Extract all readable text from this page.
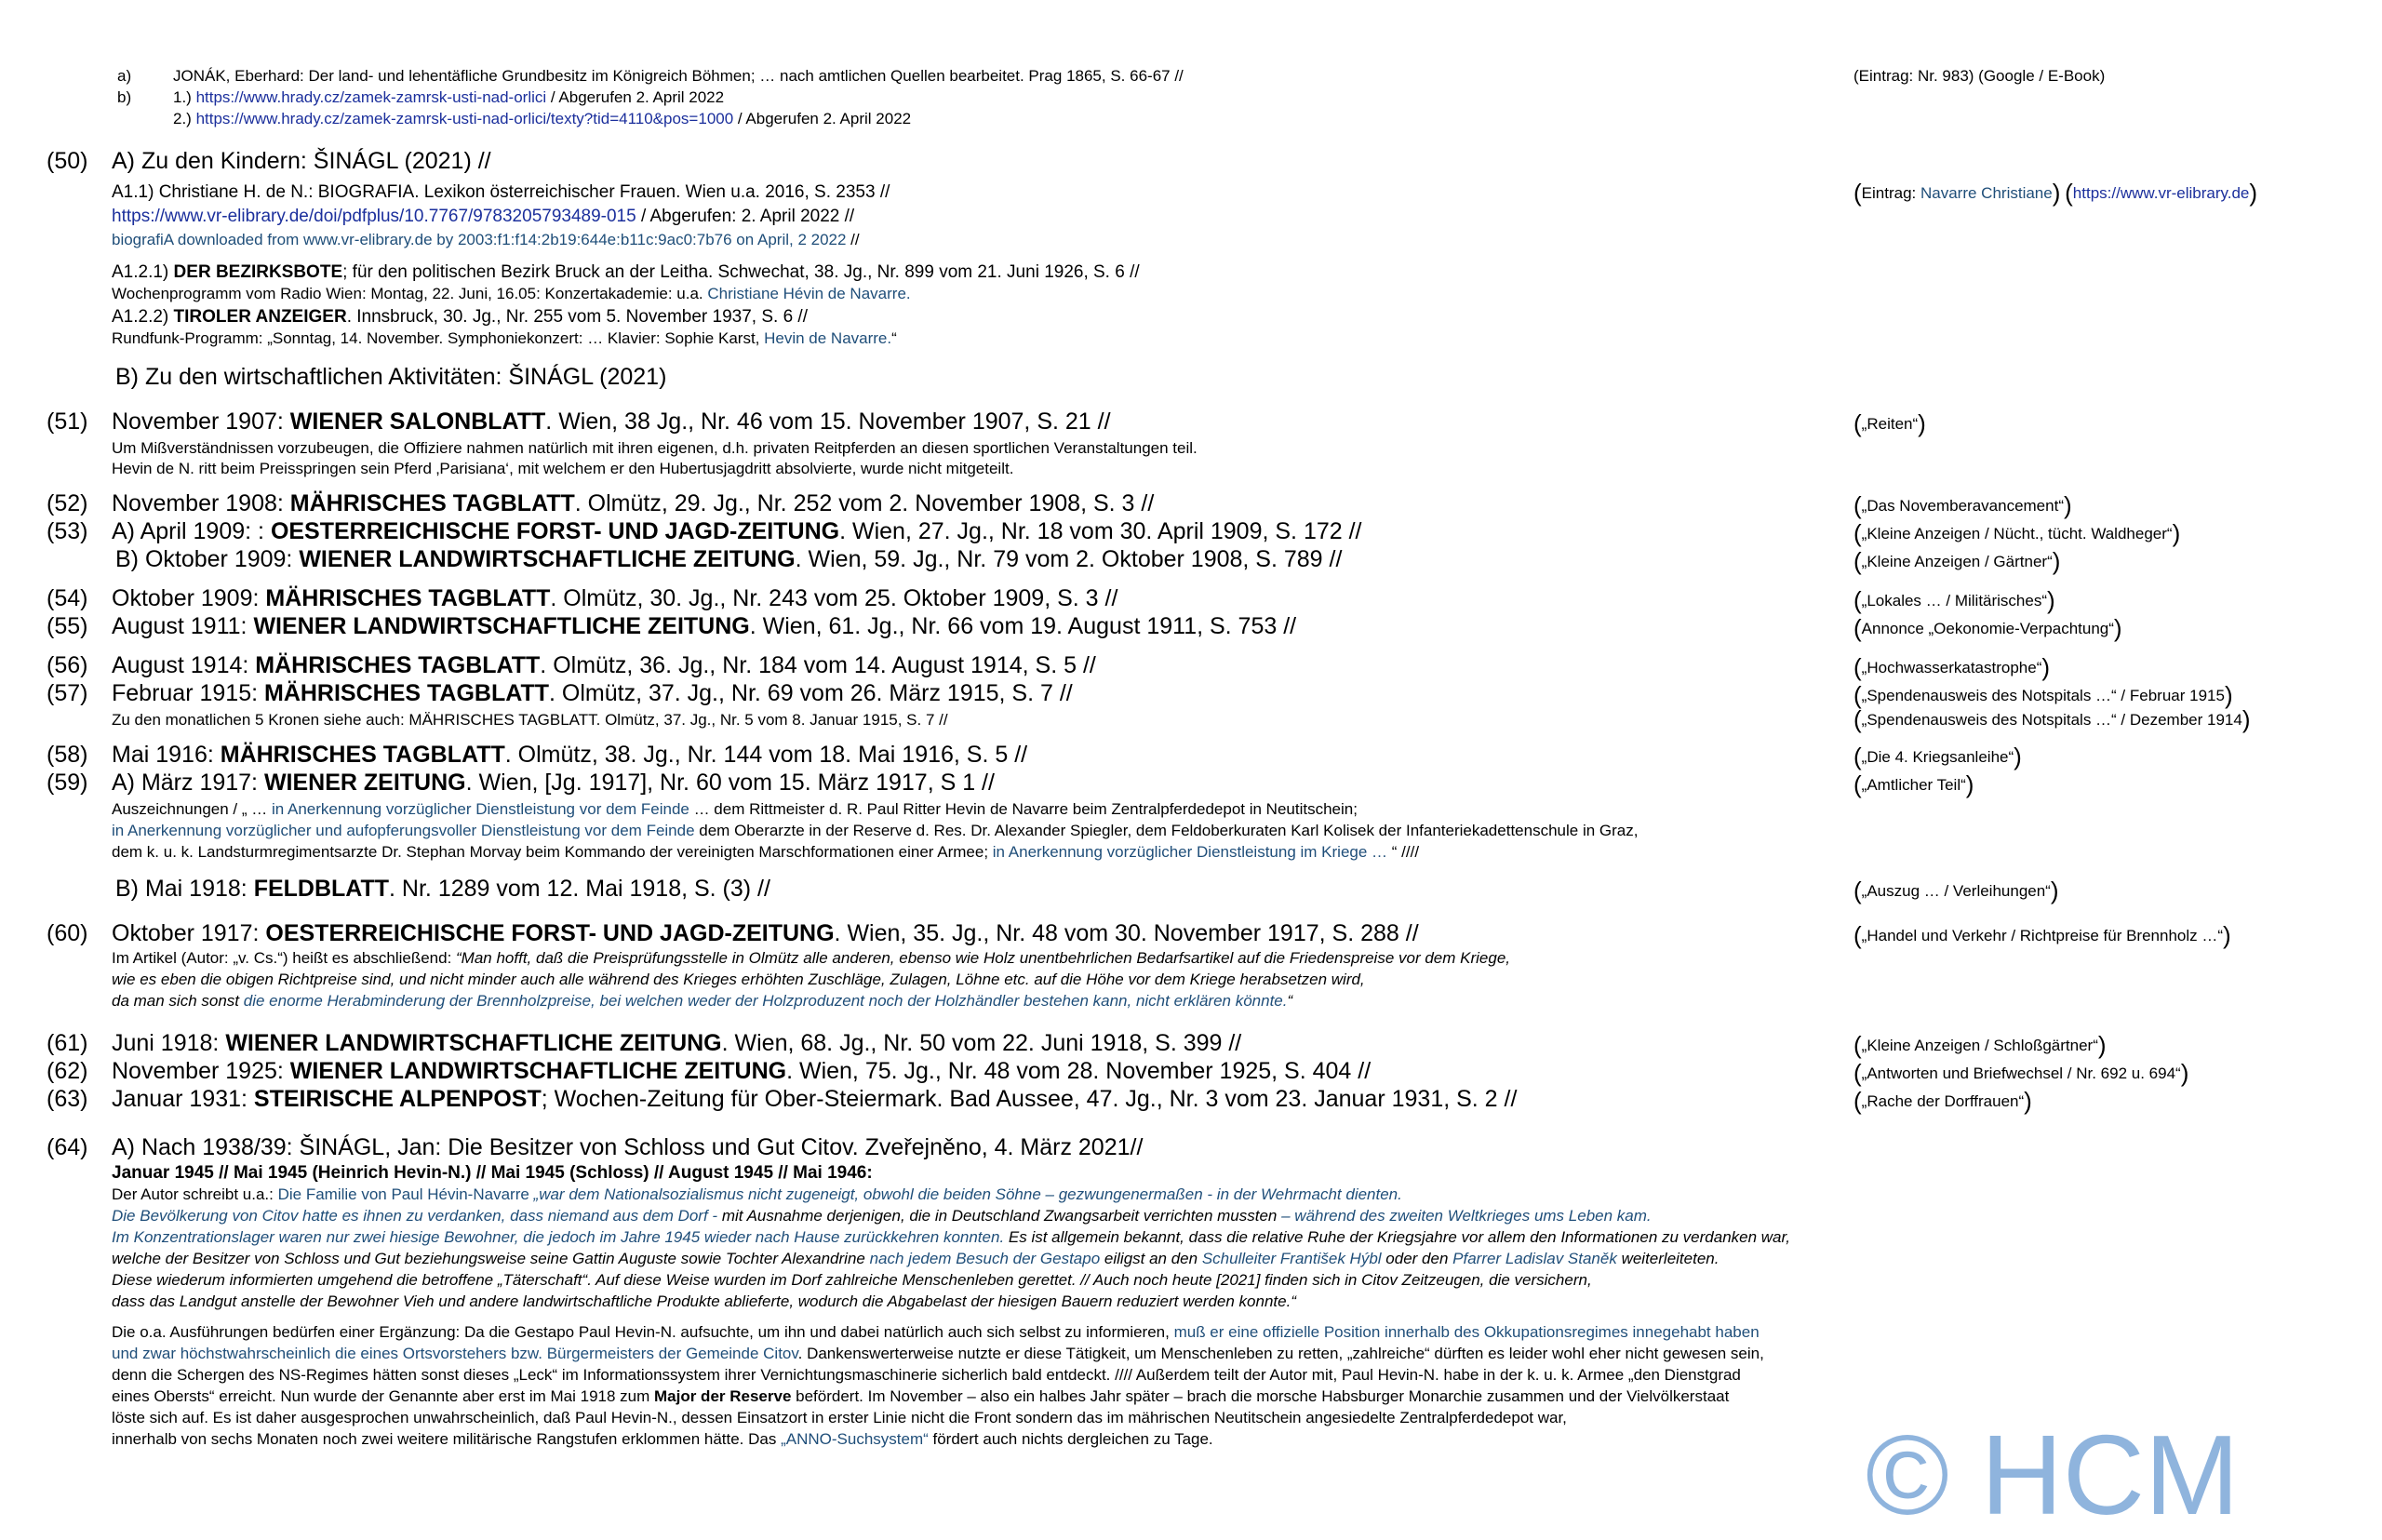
a)	JONÁK, Eberhard: Der land- und lehentäfliche Grundbesitz im Königreich Böhmen; … nach amtlichen Quellen bearbeitet. Prag 1865, S. 66-67 //	(Eintrag: Nr. 983) (Google / E-Book)
b)	1.) https://www.hrady.cz/zamek-zamrsk-usti-nad-orlici / Abgerufen 2. April 2022
2.) https://www.hrady.cz/zamek-zamrsk-usti-nad-orlici/texty?tid=4110&pos=1000 / Abgerufen 2. April 2022
(50) A) Zu den Kindern: ŠINÁGL (2021) //
A1.1) Christiane H. de N.: BIOGRAFIA. Lexikon österreichischer Frauen. Wien u.a. 2016, S. 2353 //	(Eintrag: Navarre Christiane) (https://www.vr-elibrary.de)
https://www.vr-elibrary.de/doi/pdfplus/10.7767/9783205793489-015 / Abgerufen: 2. April 2022 //
biografiA downloaded from www.vr-elibrary.de by 2003:f1:f14:2b19:644e:b11c:9ac0:7b76 on April, 2 2022 //
A1.2.1) DER BEZIRKSBOTE; für den politischen Bezirk Bruck an der Leitha. Schwechat, 38. Jg., Nr. 899 vom 21. Juni 1926, S. 6 //
Wochenprogramm vom Radio Wien: Montag, 22. Juni, 16.05: Konzertakademie: u.a. Christiane Hévin de Navarre.
A1.2.2) TIROLER ANZEIGER. Innsbruck, 30. Jg., Nr. 255 vom 5. November 1937, S. 6 //
Rundfunk-Programm: „Sonntag, 14. November. Symphoniekonzert: … Klavier: Sophie Karst, Hevin de Navarre.“
B) Zu den wirtschaftlichen Aktivitäten: ŠINÁGL (2021)
(51) November 1907: WIENER SALONBLATT. Wien, 38 Jg., Nr. 46 vom 15. November 1907, S. 21 //	(„Reiten“)
Um Mißverständnissen vorzubeugen, die Offiziere nahmen natürlich mit ihren eigenen, d.h. privaten Reitpferden an diesen sportlichen Veranstaltungen teil.
Hevin de N. ritt beim Preisspringen sein Pferd ‚Parisiana‘, mit welchem er den Hubertusjagdritt absolvierte, wurde nicht mitgeteilt.
(52) November 1908: MÄHRISCHES TAGBLATT. Olmütz, 29. Jg., Nr. 252 vom 2. November 1908, S. 3 //	(„Das Novemberavancement“)
(53) A) April 1909: : OESTERREICHISCHE FORST- UND JAGD-ZEITUNG. Wien, 27. Jg., Nr. 18 vom 30. April 1909, S. 172 //	(„Kleine Anzeigen / Nücht., tücht. Waldheger“)
B) Oktober 1909: WIENER LANDWIRTSCHAFTLICHE ZEITUNG. Wien, 59. Jg., Nr. 79 vom 2. Oktober 1908, S. 789 //	(„Kleine Anzeigen / Gärtner“)
(54) Oktober 1909: MÄHRISCHES TAGBLATT. Olmütz, 30. Jg., Nr. 243 vom 25. Oktober 1909, S. 3 //	(„Lokales … / Militärisches“)
(55) August 1911: WIENER LANDWIRTSCHAFTLICHE ZEITUNG. Wien, 61. Jg., Nr. 66 vom 19. August 1911, S. 753 //	(Annonce „Oekonomie-Verpachtung“)
(56) August 1914: MÄHRISCHES TAGBLATT. Olmütz, 36. Jg., Nr. 184 vom 14. August 1914, S. 5 //	(„Hochwasserkatastrophe“)
(57) Februar 1915: MÄHRISCHES TAGBLATT. Olmütz, 37. Jg., Nr. 69 vom 26. März 1915, S. 7 //	(„Spendenausweis des Notspitals …“ / Februar 1915)
Zu den monatlichen 5 Kronen siehe auch: MÄHRISCHES TAGBLATT. Olmütz, 37. Jg., Nr. 5 vom 8. Januar 1915, S. 7 //	(„Spendenausweis des Notspitals …“ / Dezember 1914)
(58) Mai 1916: MÄHRISCHES TAGBLATT. Olmütz, 38. Jg., Nr. 144 vom 18. Mai 1916, S. 5 //	(„Die 4. Kriegsanleihe“)
(59) A) März 1917: WIENER ZEITUNG. Wien, [Jg. 1917], Nr. 60 vom 15. März 1917, S 1 //	(„Amtlicher Teil“)
Auszeichnungen / „ … in Anerkennung vorzüglicher Dienstleistung vor dem Feinde … dem Rittmeister d. R. Paul Ritter Hevin de Navarre beim Zentralpferdedepot in Neutitschein;
in Anerkennung vorzüglicher und aufopferungsvoller Dienstleistung vor dem Feinde dem Oberarzte in der Reserve d. Res. Dr. Alexander Spiegler, dem Feldoberkuraten Karl Kolisek der Infanteriekadettenschule in Graz,
dem k. u. k. Landsturmregimentsarzte Dr. Stephan Morvay beim Kommando der vereinigten Marschformationen einer Armee; in Anerkennung vorzüglicher Dienstleistung im Kriege … “ ////
B) Mai 1918: FELDBLATT. Nr. 1289 vom 12. Mai 1918, S. (3) //	(„Auszug … / Verleihungen“)
(60) Oktober 1917: OESTERREICHISCHE FORST- UND JAGD-ZEITUNG. Wien, 35. Jg., Nr. 48 vom 30. November 1917, S. 288 //	(„Handel und Verkehr / Richtpreise für Brennholz …“)
Im Artikel (Autor: „v. Cs.“) heißt es abschließend: “Man hofft, daß die Preisprüfungsstelle in Olmütz alle anderen, ebenso wie Holz unentbehrlichen Bedarfsartikel auf die Friedenspreise vor dem Kriege,
wie es eben die obigen Richtpreise sind, und nicht minder auch alle während des Krieges erhöhten Zuschläge, Zulagen, Löhne etc. auf die Höhe vor dem Kriege herabsetzen wird,
da man sich sonst die enorme Herabminderung der Brennholzpreise, bei welchen weder der Holzproduzent noch der Holzhändler bestehen kann, nicht erklären könnte.“
(61) Juni 1918: WIENER LANDWIRTSCHAFTLICHE ZEITUNG. Wien, 68. Jg., Nr. 50 vom 22. Juni 1918, S. 399 //	(„Kleine Anzeigen / Schloßgärtner“)
(62) November 1925: WIENER LANDWIRTSCHAFTLICHE ZEITUNG. Wien, 75. Jg., Nr. 48 vom 28. November 1925, S. 404 //	(„Antworten und Briefwechsel / Nr. 692 u. 694“)
(63) Januar 1931: STEIRISCHE ALPENPOST; Wochen-Zeitung für Ober-Steiermark. Bad Aussee, 47. Jg., Nr. 3 vom 23. Januar 1931, S. 2 //	(„Rache der Dorffrauen“)
(64) A) Nach 1938/39: ŠINÁGL, Jan: Die Besitzer von Schloss und Gut Citov. Zveřejněno, 4. März 2021//
Januar 1945 // Mai 1945 (Heinrich Hevin-N.) // Mai 1945 (Schloss) // August 1945 // Mai 1946:
Der Autor schreibt u.a.: Die Familie von Paul Hévin-Navarre „war dem Nationalsozialismus nicht zugeneigt, obwohl die beiden Söhne – gezwungenermaßen - in der Wehrmacht dienten.
Die Bevölkerung von Citov hatte es ihnen zu verdanken, dass niemand aus dem Dorf - mit Ausnahme derjenigen, die in Deutschland Zwangsarbeit verrichten mussten – während des zweiten Weltkrieges ums Leben kam.
Im Konzentrationslager waren nur zwei hiesige Bewohner, die jedoch im Jahre 1945 wieder nach Hause zurückkehren konnten. Es ist allgemein bekannt, dass die relative Ruhe der Kriegsjahre vor allem den Informationen zu verdanken war,
welche der Besitzer von Schloss und Gut beziehungsweise seine Gattin Auguste sowie Tochter Alexandrine nach jedem Besuch der Gestapo eiligst an den Schulleiter František Hýbl oder den Pfarrer Ladislav Staněk weiterleiteten.
Diese wiederum informierten umgehend die betroffene „Täterschaft“. Auf diese Weise wurden im Dorf zahlreiche Menschenleben gerettet. // Auch noch heute [2021] finden sich in Citov Zeitzeugen, die versichern,
dass das Landgut anstelle der Bewohner Vieh und andere landwirtschaftliche Produkte ablieferte, wodurch die Abgabelast der hiesigen Bauern reduziert werden konnte.“
Die o.a. Ausführungen bedürfen einer Ergänzung: Da die Gestapo Paul Hevin-N. aufsuchte, um ihn und dabei natürlich auch sich selbst zu informieren, muß er eine offizielle Position innerhalb des Okkupationsregimes innegehabt haben
und zwar höchstwahrscheinlich die eines Ortsvorstehers bzw. Bürgermeisters der Gemeinde Citov. Dankenswerterweise nutzte er diese Tätigkeit, um Menschenleben zu retten, „zahlreiche“ dürften es leider wohl eher nicht gewesen sein,
denn die Schergen des NS-Regimes hätten sonst dieses „Leck“ im Informationssystem ihrer Vernichtungsmaschinerie sicherlich bald entdeckt. //// Außerdem teilt der Autor mit, Paul Hevin-N. habe in der k. u. k. Armee „den Dienstgrad
eines Obersts“ erreicht. Nun wurde der Genannte aber erst im Mai 1918 zum Major der Reserve befördert. Im November – also ein halbes Jahr später – brach die morsche Habsburger Monarchie zusammen und der Vielvölkerstaat
löste sich auf. Es ist daher ausgesprochen unwahrscheinlich, daß Paul Hevin-N., dessen Einsatzort in erster Linie nicht die Front sondern das im mährischen Neutitschein angesiedelte Zentralpferdedepot war,
innerhalb von sechs Monaten noch zwei weitere militärische Rangstufen erklommen hätte. Das „ANNO-Suchsystem“ fördert auch nichts dergleichen zu Tage.	© HCM
